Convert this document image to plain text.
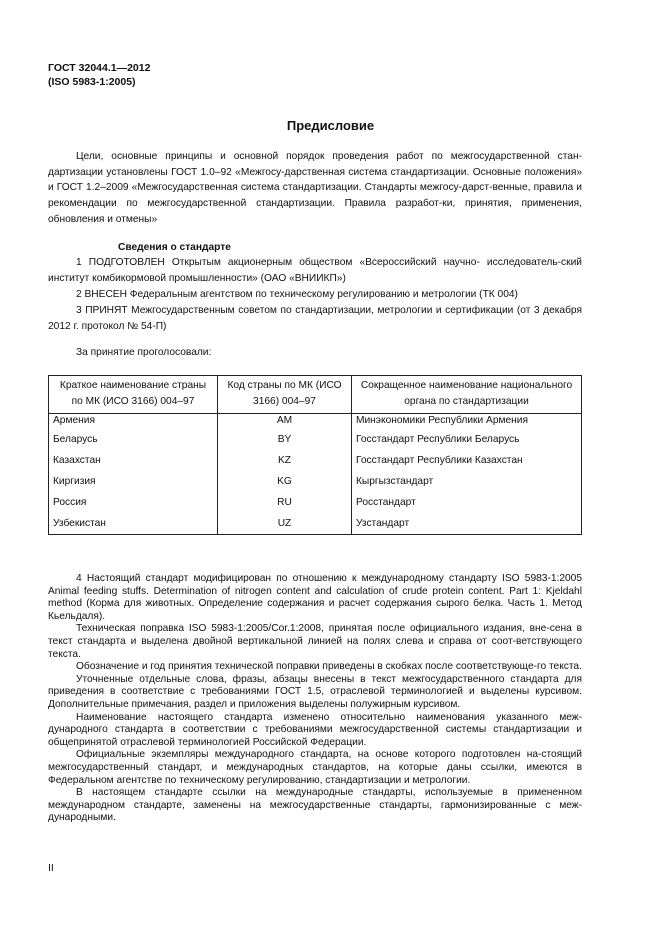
ГОСТ 32044.1—2012
(ISO 5983-1:2005)
Предисловие
Цели, основные принципы и основной порядок проведения работ по межгосударственной стан-дартизации установлены ГОСТ 1.0–92 «Межгосу-дарственная система стандартизации. Основные положения» и ГОСТ 1.2–2009 «Межгосударственная система стандартизации. Стандарты межгосу-дарст-венные, правила и рекомендации по межгосударственной стандартизации. Правила разработ-ки, принятия, применения, обновления и отмены»
Сведения о стандарте
1 ПОДГОТОВЛЕН Открытым акционерным обществом «Всероссийский научно- исследователь-ский институт комбикормовой промышленности» (ОАО «ВНИИКП»)
2 ВНЕСЕН Федеральным агентством по техническому регулированию и метрологии (ТК 004)
3 ПРИНЯТ Межгосударственным советом по стандартизации, метрологии и сертификации (от 3 декабря 2012 г. протокол № 54-П)
За принятие проголосовали:
Краткое наименование страны по МК (ИСО 3166) 004–97	Код страны по МК (ИСО 3166) 004–97	Сокращенное наименование национального органа по стандартизации
Армения	AM	Минэкономики Республики Армения
Беларусь	BY	Госстандарт Республики Беларусь
Казахстан	KZ	Госстандарт Республики Казахстан
Киргизия	KG	Кыргызстандарт
Россия	RU	Росстандарт
Узбекистан	UZ	Узстандарт

4 Настоящий стандарт модифицирован по отношению к международному стандарту ISO 5983-1:2005 Animal feeding stuffs. Determination of nitrogen content and calculation of crude protein content. Part 1: Kjeldahl method (Корма для животных. Определение содержания и расчет содержания сырого белка. Часть 1. Метод Кьельдаля).

Техническая поправка ISO 5983-1:2005/Cor.1:2008, принятая после официального издания, вне-сена в текст стандарта и выделена двойной вертикальной линией на полях слева и справа от соот-ветствующего текста.

Обозначение и год принятия технической поправки приведены в скобках после соответствующе-го текста.

Уточненные отдельные слова, фразы, абзацы внесены в текст межгосударственного стандарта для приведения в соответствие с требованиями ГОСТ 1.5, отраслевой терминологией и выделены курсивом. Дополнительные примечания, раздел и приложения выделены полужирным курсивом.

Наименование настоящего стандарта изменено относительно наименования указанного меж-дународного стандарта в соответствии с требованиями межгосударственной системы стандартизации и общепринятой отраслевой терминологией Российской Федерации.

Официальные экземпляры международного стандарта, на основе которого подготовлен на-стоящий межгосударственный стандарт, и международных стандартов, на которые даны ссылки, имеются в Федеральном агентстве по техническому регулированию, стандартизации и метрологии.

В настоящем стандарте ссылки на международные стандарты, используемые в примененном международном стандарте, заменены на межгосударственные стандарты, гармонизированные с меж-дународными.

II
